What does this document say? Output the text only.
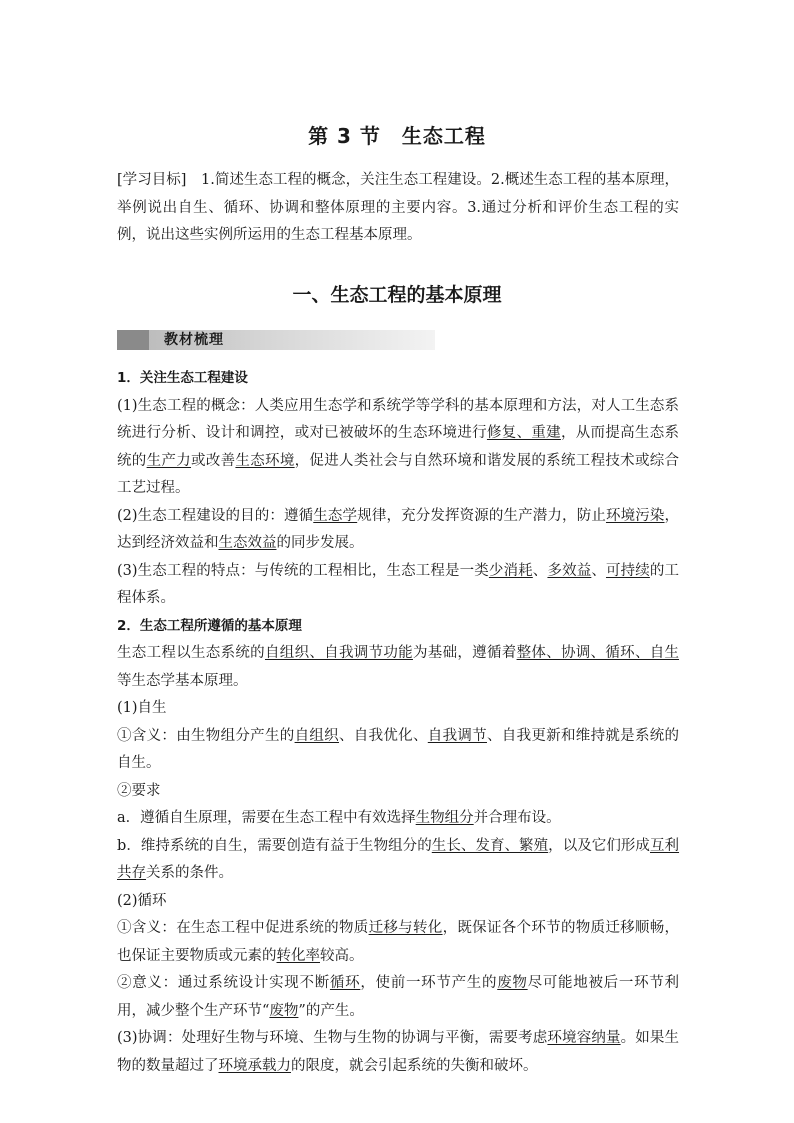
第 3 节　生态工程
[学习目标]　 1.简述生态工程的概念，关注生态工程建设。2.概述生态工程的基本原理，举例说出自生、循环、协调和整体原理的主要内容。3.通过分析和评价生态工程的实例，说出这些实例所运用的生态工程基本原理。
一、生态工程的基本原理
教材梳理
1．关注生态工程建设
(1)生态工程的概念：人类应用生态学和系统学等学科的基本原理和方法，对人工生态系统进行分析、设计和调控，或对已被破坏的生态环境进行修复、重建，从而提高生态系统的生产力或改善生态环境，促进人类社会与自然环境和谐发展的系统工程技术或综合工艺过程。
(2)生态工程建设的目的：遵循生态学规律，充分发挥资源的生产潜力，防止环境污染，达到经济效益和生态效益的同步发展。
(3)生态工程的特点：与传统的工程相比，生态工程是一类少消耗、多效益、可持续的工程体系。
2．生态工程所遵循的基本原理
生态工程以生态系统的自组织、自我调节功能为基础，遵循着整体、协调、循环、自生等生态学基本原理。
(1)自生
①含义：由生物组分产生的自组织、自我优化、自我调节、自我更新和维持就是系统的自生。
②要求
a．遵循自生原理，需要在生态工程中有效选择生物组分并合理布设。
b．维持系统的自生，需要创造有益于生物组分的生长、发育、繁殖，以及它们形成互利共存关系的条件。
(2)循环
①含义：在生态工程中促进系统的物质迁移与转化，既保证各个环节的物质迁移顺畅，也保证主要物质或元素的转化率较高。
②意义：通过系统设计实现不断循环，使前一环节产生的废物尽可能地被后一环节利用，减少整个生产环节“废物”的产生。
(3)协调：处理好生物与环境、生物与生物的协调与平衡，需要考虑环境容纳量。如果生物的数量超过了环境承载力的限度，就会引起系统的失衡和破坏。
